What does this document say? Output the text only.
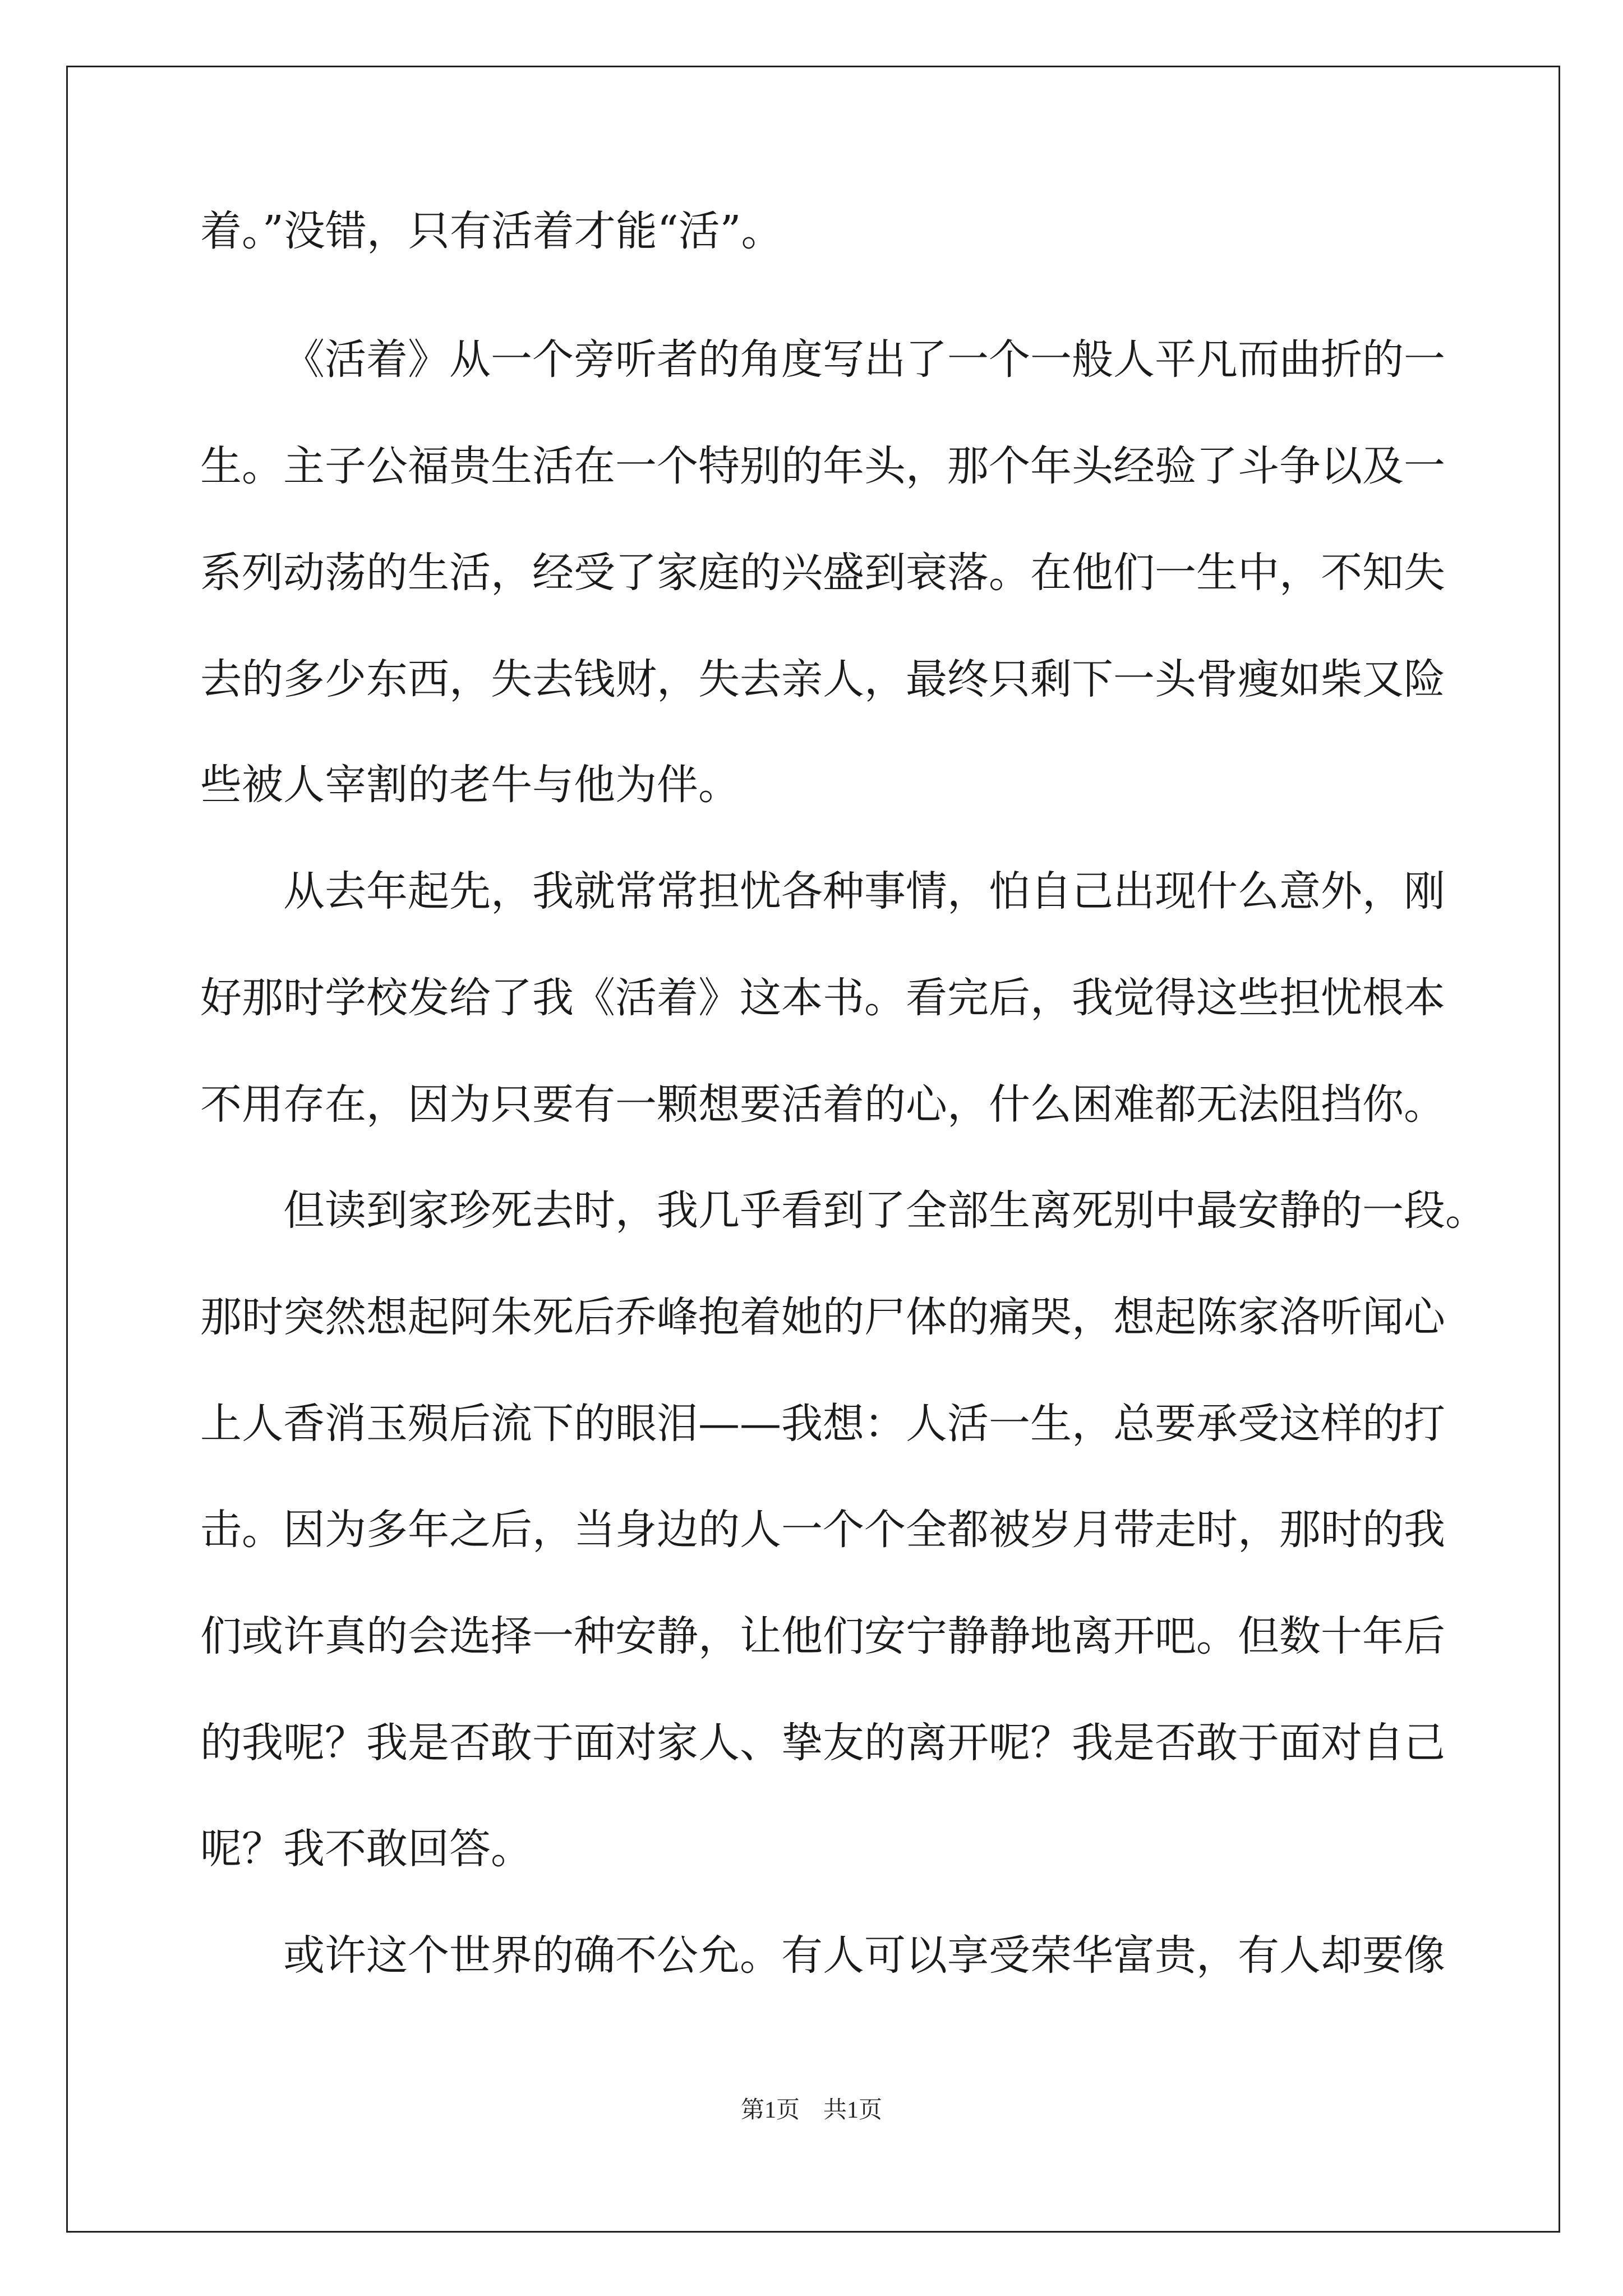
着。”没错，只有活着才能“活”。
《活着》从一个旁听者的角度写出了一个一般人平凡而曲折的一
生。主子公福贵生活在一个特别的年头，那个年头经验了斗争以及一
系列动荡的生活，经受了家庭的兴盛到衰落。在他们一生中，不知失
去的多少东西，失去钱财，失去亲人，最终只剩下一头骨瘦如柴又险
些被人宰割的老牛与他为伴。
从去年起先，我就常常担忧各种事情，怕自己出现什么意外，刚
好那时学校发给了我《活着》这本书。看完后，我觉得这些担忧根本
不用存在，因为只要有一颗想要活着的心，什么困难都无法阻挡你。
但读到家珍死去时，我几乎看到了全部生离死别中最安静的一段。
那时突然想起阿朱死后乔峰抱着她的尸体的痛哭，想起陈家洛听闻心
上人香消玉殒后流下的眼泪——我想：人活一生，总要承受这样的打
击。因为多年之后，当身边的人一个个全都被岁月带走时，那时的我
们或许真的会选择一种安静，让他们安宁静静地离开吧。但数十年后
的我呢？我是否敢于面对家人、挚友的离开呢？我是否敢于面对自己
呢？我不敢回答。
或许这个世界的确不公允。有人可以享受荣华富贵，有人却要像
第1页　共1页
